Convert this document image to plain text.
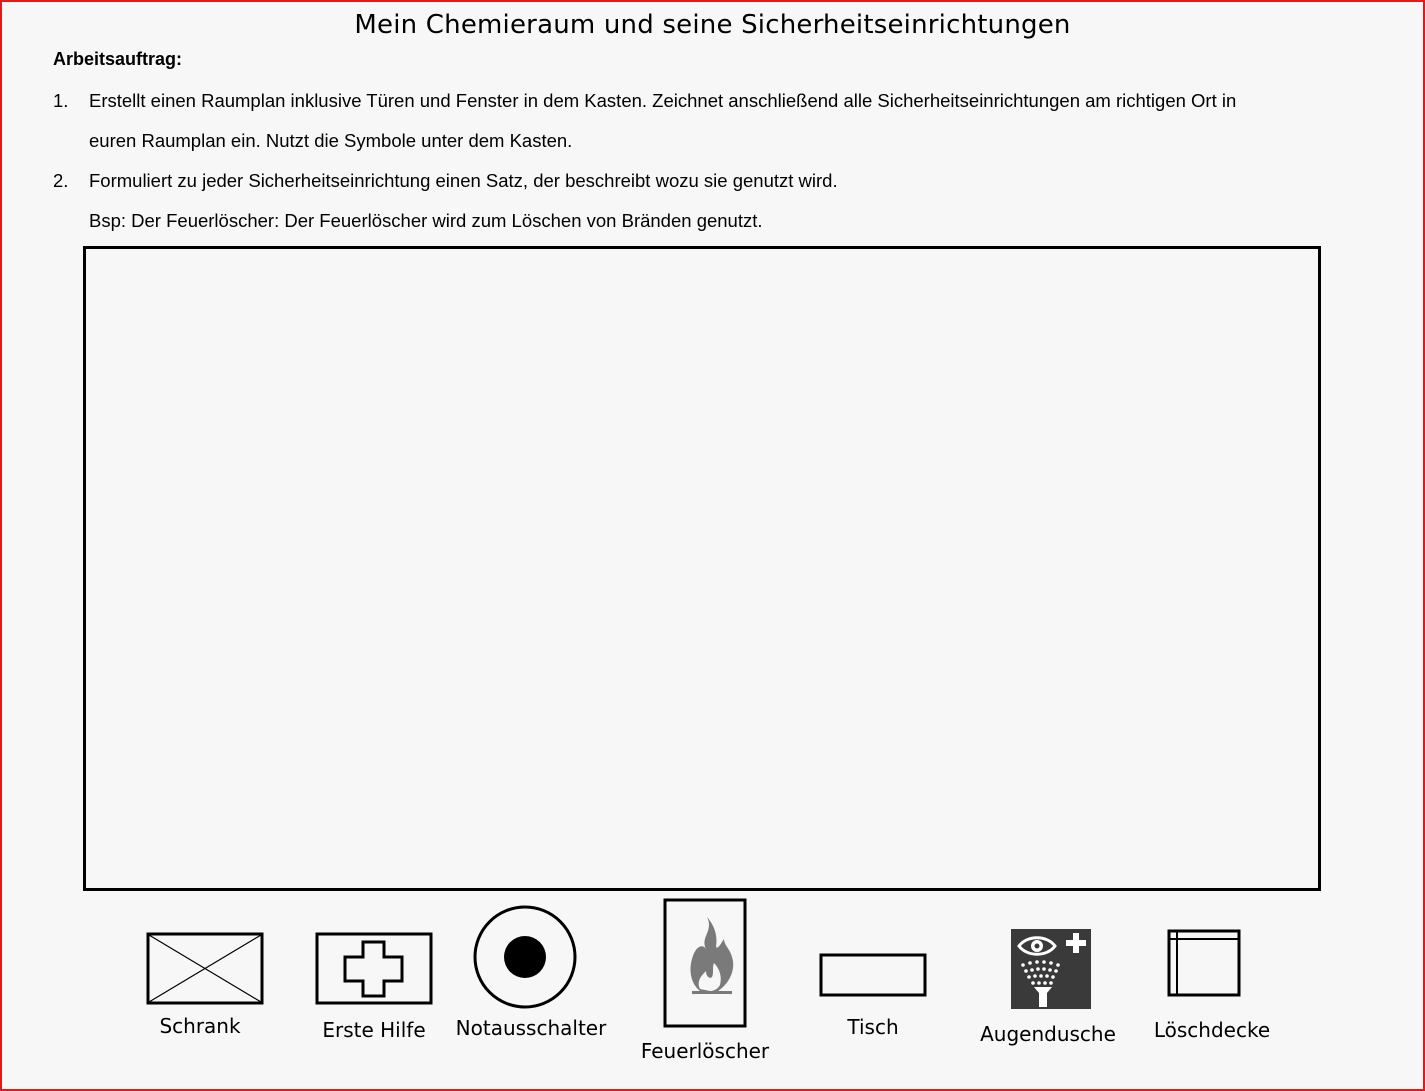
Mein Chemieraum und seine Sicherheitseinrichtungen
Arbeitsauftrag:
1. Erstellt einen Raumplan inklusive Türen und Fenster in dem Kasten. Zeichnet anschließend alle Sicherheitseinrichtungen am richtigen Ort in
euren Raumplan ein. Nutzt die Symbole unter dem Kasten.
2. Formuliert zu jeder Sicherheitseinrichtung einen Satz, der beschreibt wozu sie genutzt wird.
Bsp: Der Feuerlöscher: Der Feuerlöscher wird zum Löschen von Bränden genutzt.
Schrank	Erste Hilfe Notausschalter
Feuerlöscher
Tisch	Augendusche Löschdecke
